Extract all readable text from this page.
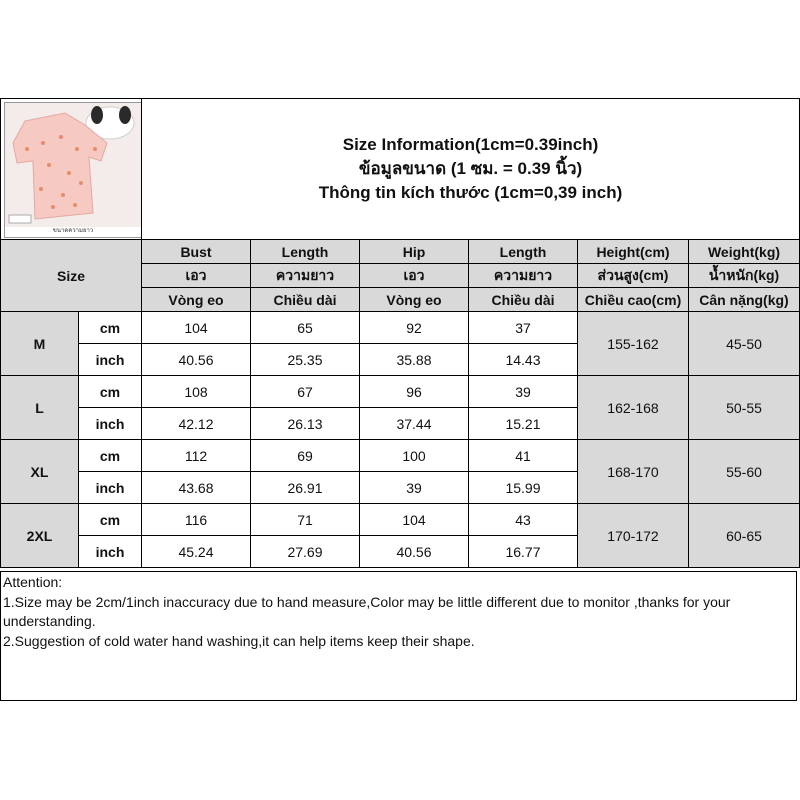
ขนาดความยาว		Size Information(1cm=0.39inch)
ข้อมูลขนาด (1 ซม. = 0.39 นิ้ว)
Thông tin kích thước (1cm=0,39 inch)					

Size		Bust	Length	Hip	Length	Height(cm)	Weight(kg)
		เอว	ความยาว	เอว	ความยาว	ส่วนสูง(cm)	น้ำหนัก(kg)
		Vòng eo	Chiều dài	Vòng eo	Chiều dài	Chiều cao(cm)	Cân nặng(kg)
M	cm	104	65	92	37	155-162	45-50
	inch	40.56	25.35	35.88	14.43		
L	cm	108	67	96	39	162-168	50-55
	inch	42.12	26.13	37.44	15.21		
XL	cm	112	69	100	41	168-170	55-60
	inch	43.68	26.91	39	15.99		
2XL	cm	116	71	104	43	170-172	60-65
	inch	45.24	27.69	40.56	16.77		
Attention:
1.Size may be 2cm/1inch inaccuracy due to hand measure,Color may be little different due to monitor ,thanks for your understanding.
2.Suggestion of cold water hand washing,it can help items keep their shape.
